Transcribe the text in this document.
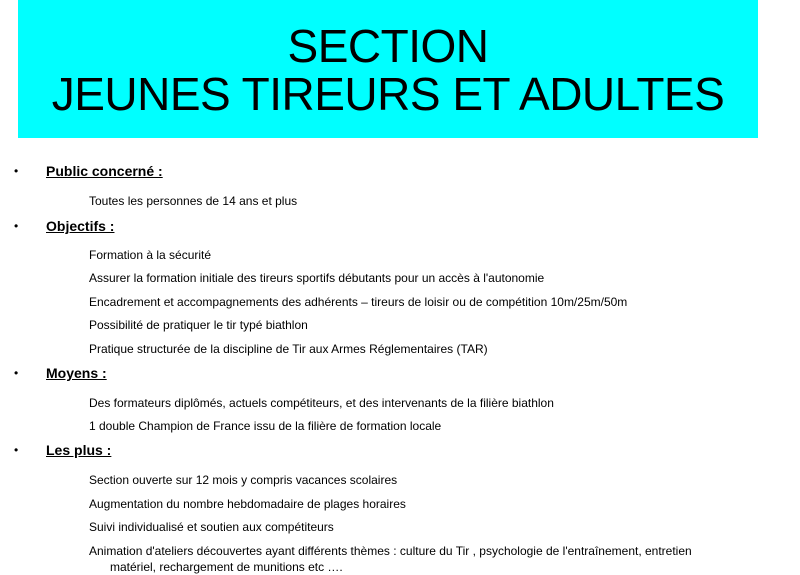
SECTION
JEUNES TIREURS ET ADULTES
• Public concerné :
Toutes les personnes de 14 ans et plus
• Objectifs :
Formation à la sécurité
Assurer la formation initiale des tireurs sportifs débutants pour un accès à l'autonomie
Encadrement et accompagnements des adhérents – tireurs de loisir ou de compétition 10m/25m/50m
Possibilité de pratiquer le tir typé biathlon
Pratique structurée de la discipline de Tir aux Armes Réglementaires (TAR)
• Moyens :
Des formateurs diplômés, actuels compétiteurs, et des intervenants de la filière biathlon
1 double Champion de France issu de la filière de formation locale
• Les plus :
Section ouverte sur 12 mois y compris vacances scolaires
Augmentation du nombre hebdomadaire de plages horaires
Suivi individualisé et soutien aux compétiteurs
Animation d'ateliers découvertes ayant différents thèmes : culture du Tir , psychologie de l'entraînement, entretien
matériel, rechargement de munitions etc ….
